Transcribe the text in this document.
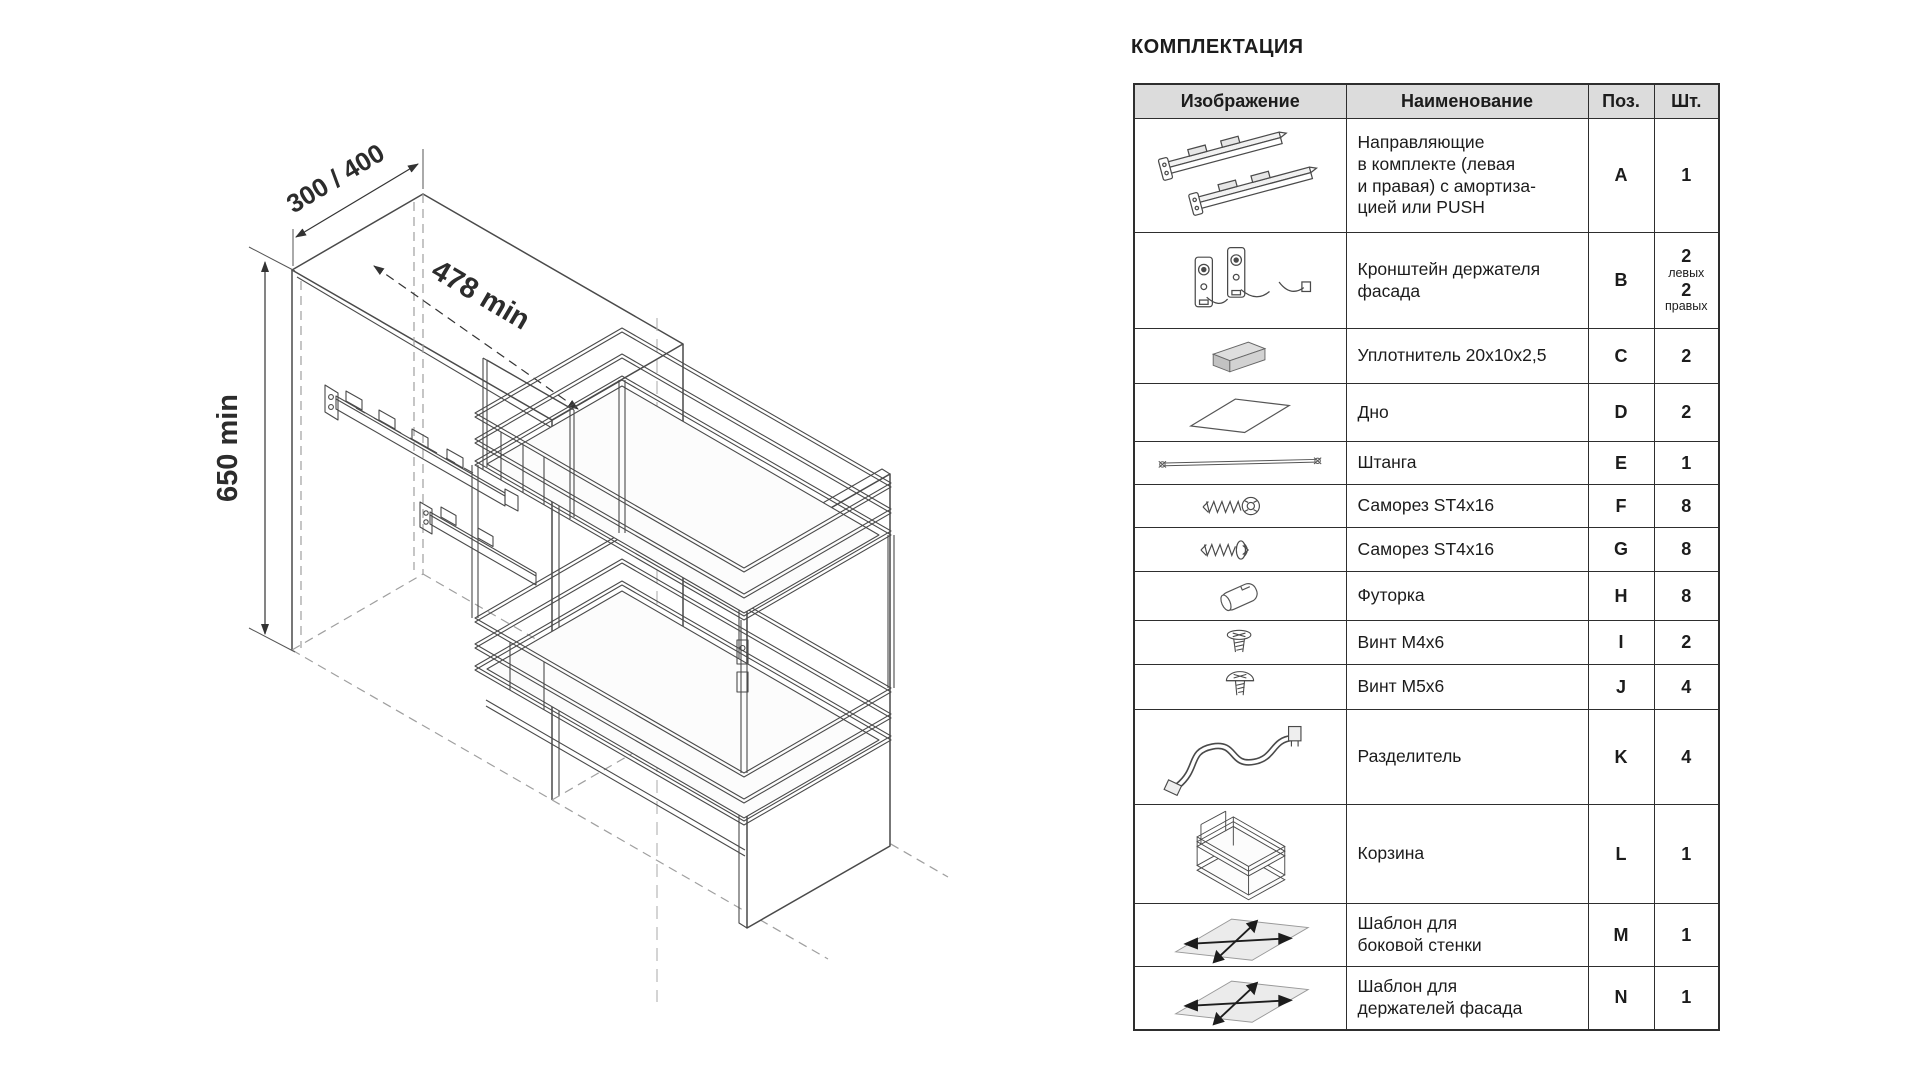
300 / 400
650 min
478 min
КОМПЛЕКТАЦИЯ
Изображение	Наименование	Поз.	Шт.

Направляющие
в комплекте (левая
и правая) с амортиза-
цией или PUSH	A	1

Кронштейн держателя
фасада
	B	
2
левых
2
правых

Уплотнитель 20x10x2,5	C	2

Дно	D	2

Штанга	E	1

Саморез ST4x16	F	8

Саморез ST4x16	G	8

Футорка	H	8

Винт M4x6	I	2

Винт M5x6	J	4

Разделитель	K	4

Корзина	L	1

Шаблон для
боковой стенки	M	1

Шаблон для
держателей фасада	N	1
